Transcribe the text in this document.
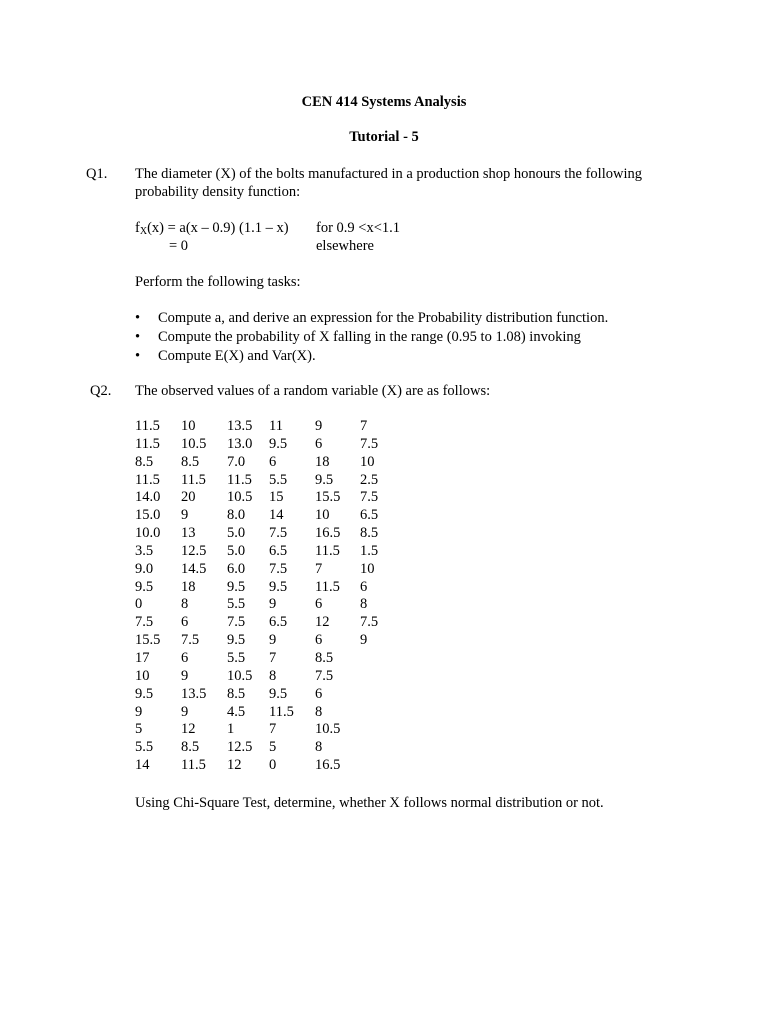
CEN 414 Systems Analysis
Tutorial - 5
Q1. The diameter (X) of the bolts manufactured in a production shop honours the following
probability density function:
$f_X(x) = a(x - 0.9)$ (1.1 – x) for 0.9 <x<1.1
= 0	elsewhere
Perform the following tasks:
• Compute a, and derive an expression for the Probability distribution function.
• Compute the probability of X falling in the range (0.95 to 1.08) invoking
• Compute E(X) and Var(X).
Q2. The observed values of a random variable (X) are as follows:
11.5	10	13.5	11	9	7
11.5	10.5	13.0	9.5	6	7.5
8.5	8.5	7.0	6	18	10
11.5	11.5	11.5	5.5	9.5	2.5
14.0	20	10.5	15	15.5	7.5
15.0	9	8.0	14	10	6.5
10.0	13	5.0	7.5	16.5	8.5
3.5	12.5	5.0	6.5	11.5	1.5
9.0	14.5	6.0	7.5	7	10
9.5	18	9.5	9.5	11.5	6
0	8	5.5	9	6	8
7.5	6	7.5	6.5	12	7.5
15.5	7.5	9.5	9	6	9
17	6	5.5	7	8.5	
10	9	10.5	8	7.5	
9.5	13.5	8.5	9.5	6	
9	9	4.5	11.5	8	
5	12	1	7	10.5	
5.5	8.5	12.5	5	8	
14	11.5	12	0	16.5	
Using Chi-Square Test, determine, whether X follows normal distribution or not.
